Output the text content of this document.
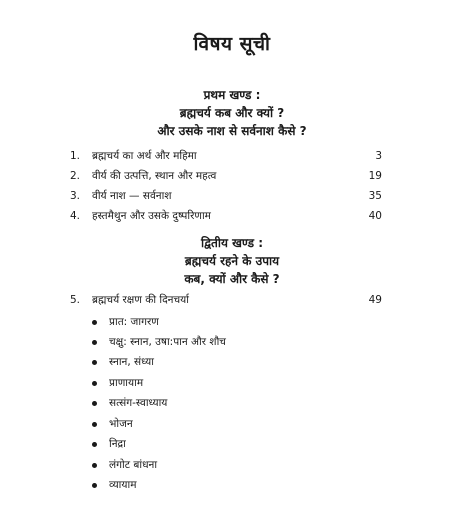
विषय सूची
प्रथम खण्ड :
ब्रह्मचर्य कब और क्यों ?
और उसके नाश से सर्वनाश कैसे ?
1.	ब्रह्मचर्य का अर्थ और महिमा	3
2.	वीर्य की उत्पत्ति, स्थान और महत्व	19
3.	वीर्य नाश — सर्वनाश	35
4.	हस्तमैथुन और उसके दुष्परिणाम	40
द्वितीय खण्ड :
ब्रह्मचर्य रहने के उपाय
कब, क्यों और कैसे ?
5.	ब्रह्मचर्य रक्षण की दिनचर्या	49
प्रात: जागरण
चक्षु: स्नान, उषा:पान और शौच
स्नान, संध्या
प्राणायाम
सत्संग-स्वाध्याय
भोजन
निद्रा
लंगोट बांधना
व्यायाम
